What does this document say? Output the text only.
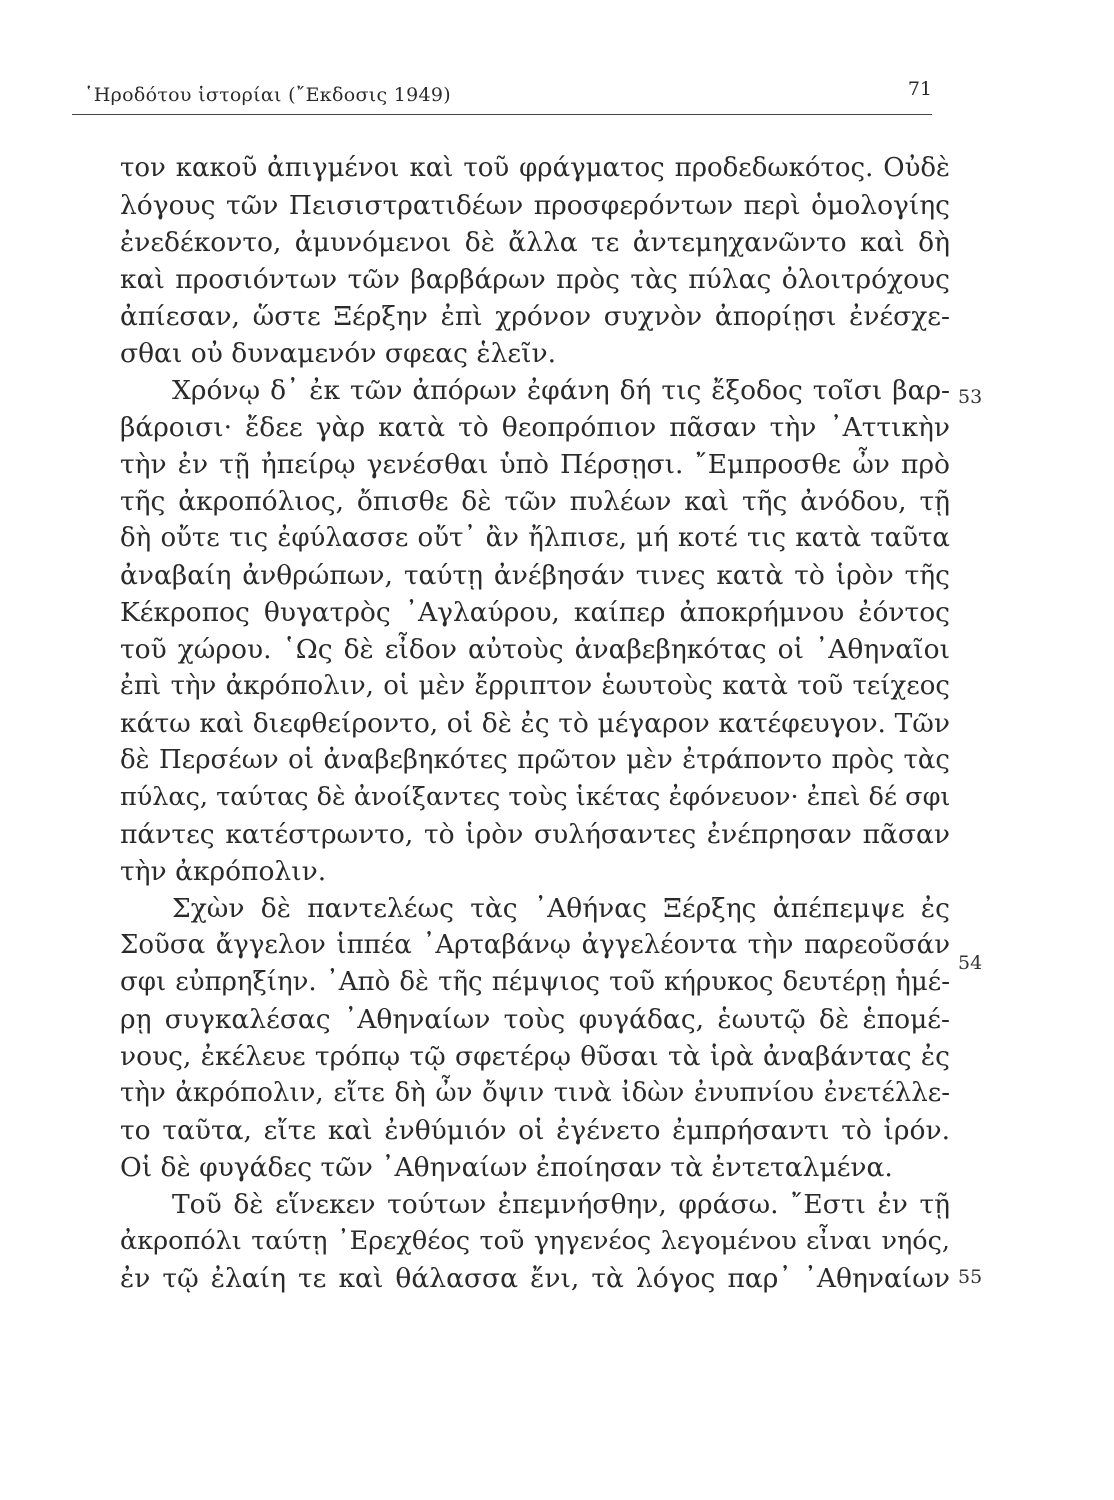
῾Ηροδότου ἱστορίαι (῎Εκδοσις 1949)	71
53
54
55
τον κακοῦ ἀπιγμένοι καὶ τοῦ φράγματος προδεδωκότος. Οὐδὲ
λόγους τῶν Πεισιστρατιδέων προσφερόντων περὶ ὁμολογίης
ἐνεδέκοντο, ἀμυνόμενοι δὲ ἄλλα τε ἀντεμηχανῶντο καὶ δὴ
καὶ προσιόντων τῶν βαρβάρων πρὸς τὰς πύλας ὀλοιτρόχους
ἀπίεσαν, ὥστε Ξέρξην ἐπὶ χρόνον συχνὸν ἀπορίῃσι ἐνέσχε-
σθαι οὐ δυναμενόν σφεας ἑλεῖν.
Χρόνῳ δ᾽ ἐκ τῶν ἀπόρων ἐφάνη δή τις ἔξοδος τοῖσι βαρ-
βάροισι· ἔδεε γὰρ κατὰ τὸ θεοπρόπιον πᾶσαν τὴν ᾽Αττικὴν
τὴν ἐν τῇ ἠπείρῳ γενέσθαι ὑπὸ Πέρσῃσι. ῎Εμπροσθε ὦν πρὸ
τῆς ἀκροπόλιος, ὄπισθε δὲ τῶν πυλέων καὶ τῆς ἀνόδου, τῇ
δὴ οὔτε τις ἐφύλασσε οὔτ᾽ ἂν ἤλπισε, μή κοτέ τις κατὰ ταῦτα
ἀναβαίη ἀνθρώπων, ταύτῃ ἀνέβησάν τινες κατὰ τὸ ἱρὸν τῆς
Κέκροπος θυγατρὸς ᾽Αγλαύρου, καίπερ ἀποκρήμνου ἐόντος
τοῦ χώρου. ῾Ως δὲ εἶδον αὐτοὺς ἀναβεβηκότας οἱ ᾽Αθηναῖοι
ἐπὶ τὴν ἀκρόπολιν, οἱ μὲν ἔρριπτον ἑωυτοὺς κατὰ τοῦ τείχεος
κάτω καὶ διεφθείροντο, οἱ δὲ ἐς τὸ μέγαρον κατέφευγον. Τῶν
δὲ Περσέων οἱ ἀναβεβηκότες πρῶτον μὲν ἐτράποντο πρὸς τὰς
πύλας, ταύτας δὲ ἀνοίξαντες τοὺς ἱκέτας ἐφόνευον· ἐπεὶ δέ σφι
πάντες κατέστρωντο, τὸ ἱρὸν συλήσαντες ἐνέπρησαν πᾶσαν
τὴν ἀκρόπολιν.
Σχὼν δὲ παντελέως τὰς ᾽Αθήνας Ξέρξης ἀπέπεμψε ἐς
Σοῦσα ἄγγελον ἱππέα ᾽Αρταβάνῳ ἀγγελέοντα τὴν παρεοῦσάν
σφι εὐπρηξίην. ᾽Απὸ δὲ τῆς πέμψιος τοῦ κήρυκος δευτέρῃ ἡμέ-
ρῃ συγκαλέσας ᾽Αθηναίων τοὺς φυγάδας, ἑωυτῷ δὲ ἑπομέ-
νους, ἐκέλευε τρόπῳ τῷ σφετέρῳ θῦσαι τὰ ἱρὰ ἀναβάντας ἐς
τὴν ἀκρόπολιν, εἴτε δὴ ὦν ὄψιν τινὰ ἰδὼν ἐνυπνίου ἐνετέλλε-
το ταῦτα, εἴτε καὶ ἐνθύμιόν οἱ ἐγένετο ἐμπρήσαντι τὸ ἱρόν.
Οἱ δὲ φυγάδες τῶν ᾽Αθηναίων ἐποίησαν τὰ ἐντεταλμένα.
Τοῦ δὲ εἵνεκεν τούτων ἐπεμνήσθην, φράσω. ῎Εστι ἐν τῇ
ἀκροπόλι ταύτῃ ᾽Ερεχθέος τοῦ γηγενέος λεγομένου εἶναι νηός,
ἐν τῷ ἐλαίη τε καὶ θάλασσα ἔνι, τὰ λόγος παρ᾽ ᾽Αθηναίων
